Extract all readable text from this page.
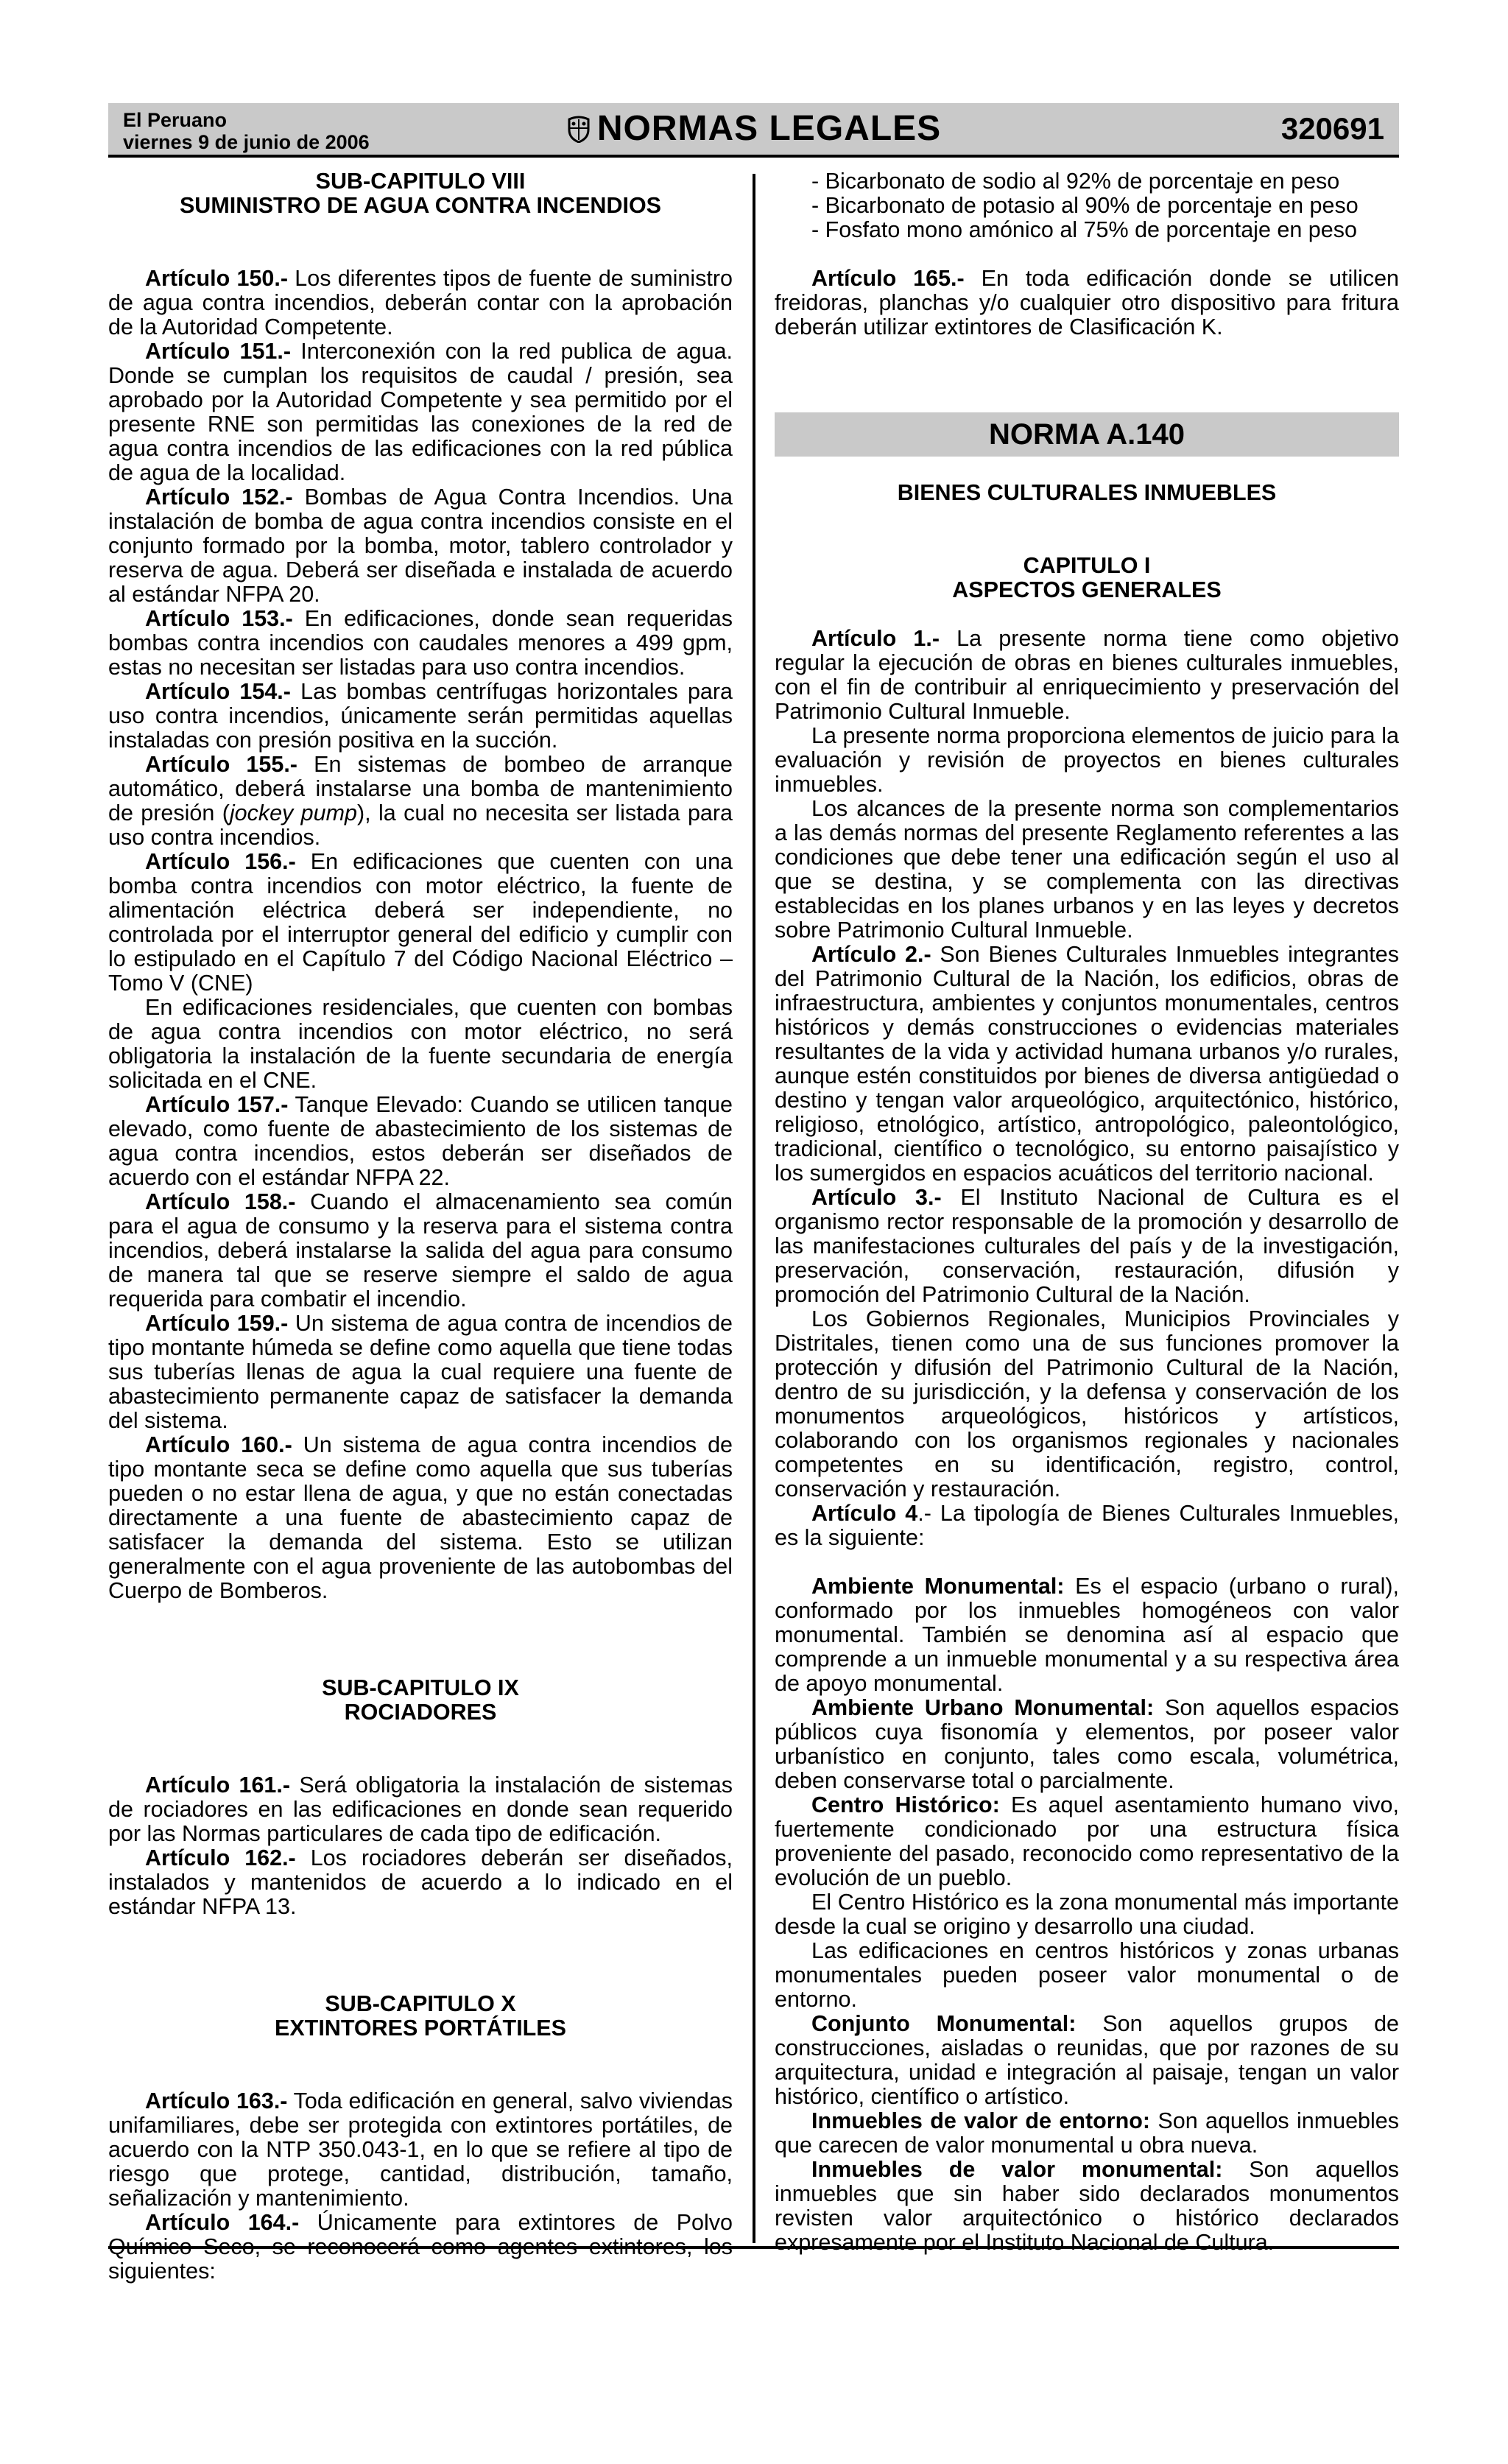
El Peruano
viernes 9 de junio de 2006	NORMAS LEGALES	320691
SUB-CAPITULO VIII
SUMINISTRO DE AGUA CONTRA INCENDIOS

Artículo 150.- Los diferentes tipos de fuente de suministro de agua contra incendios, deberán contar con la aprobación de la Autoridad Competente.

Artículo 151.- Interconexión con la red publica de agua. Donde se cumplan los requisitos de caudal / presión, sea aprobado por la Autoridad Competente y sea permitido por el presente RNE son permitidas las conexiones de la red de agua contra incendios de las edificaciones con la red pública de agua de la localidad.

Artículo 152.- Bombas de Agua Contra Incendios. Una instalación de bomba de agua contra incendios consiste en el conjunto formado por la bomba, motor, tablero controlador y reserva de agua. Deberá ser diseñada e instalada de acuerdo al estándar NFPA 20.

Artículo 153.- En edificaciones, donde sean requeridas bombas contra incendios con caudales menores a 499 gpm, estas no necesitan ser listadas para uso contra incendios.

Artículo 154.- Las bombas centrífugas horizontales para uso contra incendios, únicamente serán permitidas aquellas instaladas con presión positiva en la succión.

Artículo 155.- En sistemas de bombeo de arranque automático, deberá instalarse una bomba de mantenimiento de presión (jockey pump), la cual no necesita ser listada para uso contra incendios.

Artículo 156.- En edificaciones que cuenten con una bomba contra incendios con motor eléctrico, la fuente de alimentación eléctrica deberá ser independiente, no controlada por el interruptor general del edificio y cumplir con lo estipulado en el Capítulo 7 del Código Nacional Eléctrico – Tomo V (CNE)

En edificaciones residenciales, que cuenten con bombas de agua contra incendios con motor eléctrico, no será obligatoria la instalación de la fuente secundaria de energía solicitada en el CNE.

Artículo 157.- Tanque Elevado: Cuando se utilicen tanque elevado, como fuente de abastecimiento de los sistemas de agua contra incendios, estos deberán ser diseñados de acuerdo con el estándar NFPA 22.

Artículo 158.- Cuando el almacenamiento sea común para el agua de consumo y la reserva para el sistema contra incendios, deberá instalarse la salida del agua para consumo de manera tal que se reserve siempre el saldo de agua requerida para combatir el incendio.

Artículo 159.- Un sistema de agua contra de incendios de tipo montante húmeda se define como aquella que tiene todas sus tuberías llenas de agua la cual requiere una fuente de abastecimiento permanente capaz de satisfacer la demanda del sistema.

Artículo 160.- Un sistema de agua contra incendios de tipo montante seca se define como aquella que sus tuberías pueden o no estar llena de agua, y que no están conectadas directamente a una fuente de abastecimiento capaz de satisfacer la demanda del sistema. Esto se utilizan generalmente con el agua proveniente de las autobombas del Cuerpo de Bomberos.

SUB-CAPITULO IX
ROCIADORES

Artículo 161.- Será obligatoria la instalación de sistemas de rociadores en las edificaciones en donde sean requerido por las Normas particulares de cada tipo de edificación.

Artículo 162.- Los rociadores deberán ser diseñados, instalados y mantenidos de acuerdo a lo indicado en el estándar NFPA 13.

SUB-CAPITULO X
EXTINTORES PORTÁTILES

Artículo 163.- Toda edificación en general, salvo viviendas unifamiliares, debe ser protegida con extintores portátiles, de acuerdo con la NTP 350.043-1, en lo que se refiere al tipo de riesgo que protege, cantidad, distribución, tamaño, señalización y mantenimiento.

Artículo 164.- Únicamente para extintores de Polvo Químico Seco, se reconocerá como agentes extintores, los siguientes:

- Bicarbonato de sodio al 92% de porcentaje en peso

- Bicarbonato de potasio al 90% de porcentaje en peso

- Fosfato mono amónico al 75% de porcentaje en peso

Artículo 165.- En toda edificación donde se utilicen freidoras, planchas y/o cualquier otro dispositivo para fritura deberán utilizar extintores de Clasificación K.

NORMA A.140
BIENES CULTURALES INMUEBLES
CAPITULO I
ASPECTOS GENERALES

Artículo 1.- La presente norma tiene como objetivo regular la ejecución de obras en bienes culturales inmuebles, con el fin de contribuir al enriquecimiento y preservación del Patrimonio Cultural Inmueble.

La presente norma proporciona elementos de juicio para la evaluación y revisión de proyectos en bienes culturales inmuebles.

Los alcances de la presente norma son complementarios a las demás normas del presente Reglamento referentes a las condiciones que debe tener una edificación según el uso al que se destina, y se complementa con las directivas establecidas en los planes urbanos y en las leyes y decretos sobre Patrimonio Cultural Inmueble.

Artículo 2.- Son Bienes Culturales Inmuebles integrantes del Patrimonio Cultural de la Nación, los edificios, obras de infraestructura, ambientes y conjuntos monumentales, centros históricos y demás construcciones o evidencias materiales resultantes de la vida y actividad humana urbanos y/o rurales, aunque estén constituidos por bienes de diversa antigüedad o destino y tengan valor arqueológico, arquitectónico, histórico, religioso, etnológico, artístico, antropológico, paleontológico, tradicional, científico o tecnológico, su entorno paisajístico y los sumergidos en espacios acuáticos del territorio nacional.

Artículo 3.- El Instituto Nacional de Cultura es el organismo rector responsable de la promoción y desarrollo de las manifestaciones culturales del país y de la investigación, preservación, conservación, restauración, difusión y promoción del Patrimonio Cultural de la Nación.

Los Gobiernos Regionales, Municipios Provinciales y Distritales, tienen como una de sus funciones promover la protección y difusión del Patrimonio Cultural de la Nación, dentro de su jurisdicción, y la defensa y conservación de los monumentos arqueológicos, históricos y artísticos, colaborando con los organismos regionales y nacionales competentes en su identificación, registro, control, conservación y restauración.

Artículo 4.- La tipología de Bienes Culturales Inmuebles, es la siguiente:

Ambiente Monumental: Es el espacio (urbano o rural), conformado por los inmuebles homogéneos con valor monumental. También se denomina así al espacio que comprende a un inmueble monumental y a su respectiva área de apoyo monumental.

Ambiente Urbano Monumental: Son aquellos espacios públicos cuya fisonomía y elementos, por poseer valor urbanístico en conjunto, tales como escala, volumétrica, deben conservarse total o parcialmente.

Centro Histórico: Es aquel asentamiento humano vivo, fuertemente condicionado por una estructura física proveniente del pasado, reconocido como representativo de la evolución de un pueblo.

El Centro Histórico es la zona monumental más importante desde la cual se origino y desarrollo una ciudad.

Las edificaciones en centros históricos y zonas urbanas monumentales pueden poseer valor monumental o de entorno.

Conjunto Monumental: Son aquellos grupos de construcciones, aisladas o reunidas, que por razones de su arquitectura, unidad e integración al paisaje, tengan un valor histórico, científico o artístico.

Inmuebles de valor de entorno: Son aquellos inmuebles que carecen de valor monumental u obra nueva.

Inmuebles de valor monumental: Son aquellos inmuebles que sin haber sido declarados monumentos revisten valor arquitectónico o histórico declarados expresamente por el Instituto Nacional de Cultura.
